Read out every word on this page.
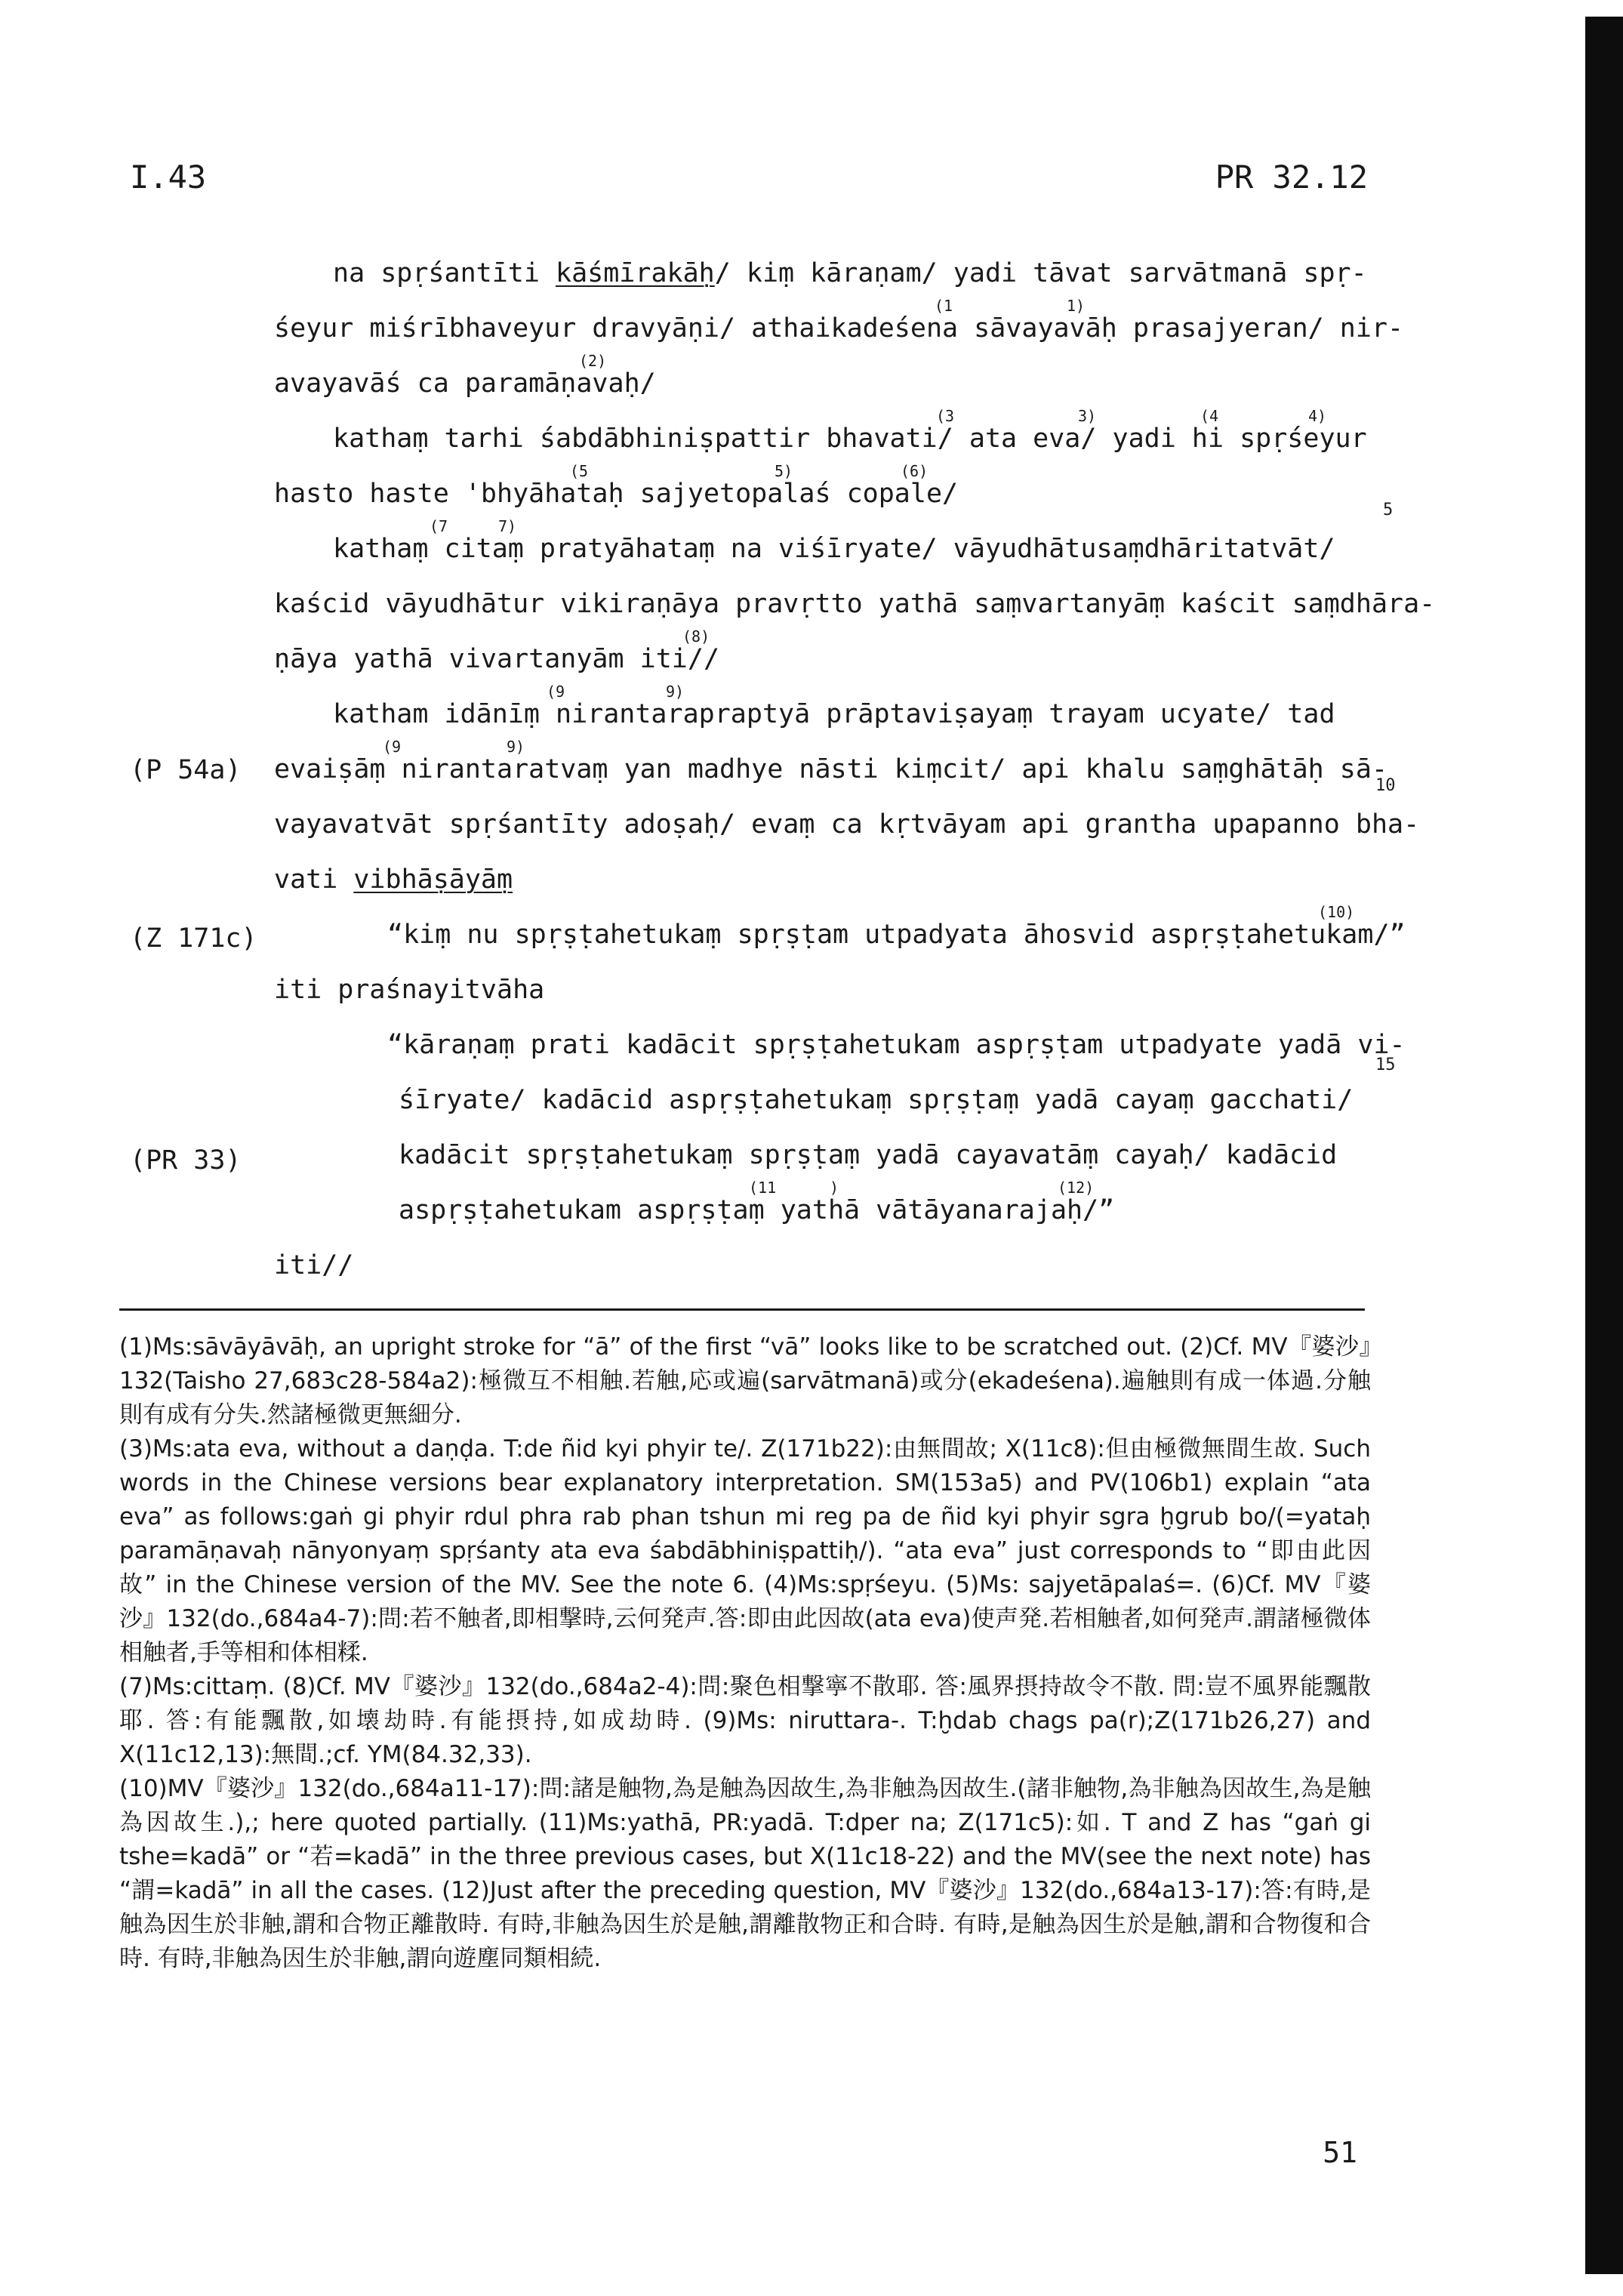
I.43	PR 32.12
(P 54a)
(Z 171c)
(PR 33)
5
10
15
na spṛśantīti kāśmīrakāḥ/ kiṃ kāraṇam/ yadi tāvat sarvātmanā spṛ-
(1	1)
śeyur miśrībhaveyur dravyāṇi/ athaikadeśena sāvayavāḥ prasajyeran/ nir-
(2)
avayavāś ca paramāṇavaḥ/
(3	3)	(4	4)
kathaṃ tarhi śabdābhiniṣpattir bhavati/ ata eva/ yadi hi spṛśeyur
(5	5)	(6)
hasto haste 'bhyāhataḥ sajyetopalaś copale/
(7	7)
kathaṃ citaṃ pratyāhataṃ na viśīryate/ vāyudhātusaṃdhāritatvāt/
kaścid vāyudhātur vikiraṇāya pravṛtto yathā saṃvartanyāṃ kaścit saṃdhāra-
(8)
ṇāya yathā vivartanyām iti//
(9	9)
katham idānīṃ nirantarapraptyā prāptaviṣayaṃ trayam ucyate/ tad
(9	9)
evaiṣāṃ nirantaratvaṃ yan madhye nāsti kiṃcit/ api khalu saṃghātāḥ sā-
vayavatvāt spṛśantīty adoṣaḥ/ evaṃ ca kṛtvāyam api grantha upapanno bha-
vati vibhāṣāyāṃ
(10)
“kiṃ nu spṛṣṭahetukaṃ spṛṣṭam utpadyata āhosvid aspṛṣṭahetukam/”
iti praśnayitvāha
“kāraṇaṃ prati kadācit spṛṣṭahetukam aspṛṣṭam utpadyate yadā vi-
śīryate/ kadācid aspṛṣṭahetukaṃ spṛṣṭaṃ yadā cayaṃ gacchati/
kadācit spṛṣṭahetukaṃ spṛṣṭaṃ yadā cayavatāṃ cayaḥ/ kadācid
(11	)	(12)
aspṛṣṭahetukam aspṛṣṭaṃ yathā vātāyanarajaḥ/”
iti//

(1)Ms:sāvāyāvāḥ, an upright stroke for “ā” of the first “vā” looks like to be scratched out. (2)Cf. MV『婆沙』132(Taisho 27,683c28-584a2):極微互不相触.若触,応或遍(sarvātmanā)或分(ekadeśena).遍触則有成一体過.分触則有成有分失.然諸極微更無細分.

(3)Ms:ata eva, without a daṇḍa. T:de ñid kyi phyir te/. Z(171b22):由無間故; X(11c8):但由極微無間生故. Such words in the Chinese versions bear explanatory interpretation. SM(153a5) and PV(106b1) explain “ata eva” as follows:gaṅ gi phyir rdul phra rab phan tshun mi reg pa de ñid kyi phyir sgra ḫgrub bo/(=yataḥ paramāṇavaḥ nānyonyaṃ spṛśanty ata eva śabdābhiniṣpattiḥ/). “ata eva” just corresponds to “即由此因故” in the Chinese version of the MV. See the note 6. (4)Ms:spṛśeyu. (5)Ms: sajyetāpalaś=. (6)Cf. MV『婆沙』132(do.,684a4-7):問:若不触者,即相撃時,云何発声.答:即由此因故(ata eva)使声発.若相触者,如何発声.謂諸極微体相触者,手等相和体相糅.

(7)Ms:cittaṃ. (8)Cf. MV『婆沙』132(do.,684a2-4):問:聚色相撃寧不散耶. 答:風界摂持故令不散. 問:豈不風界能飄散耶. 答:有能飄散,如壊劫時.有能摂持,如成劫時. (9)Ms: niruttara-. T:ḫdab chags pa(r);Z(171b26,27) and X(11c12,13):無間.;cf. YM(84.32,33).

(10)MV『婆沙』132(do.,684a11-17):問:諸是触物,為是触為因故生,為非触為因故生.(諸非触物,為非触為因故生,為是触為因故生.),; here quoted partially. (11)Ms:yathā, PR:yadā. T:dper na; Z(171c5):如. T and Z has “gaṅ gi tshe=kadā” or “若=kadā” in the three previous cases, but X(11c18-22) and the MV(see the next note) has “謂=kadā” in all the cases. (12)Just after the preceding question, MV『婆沙』132(do.,684a13-17):答:有時,是触為因生於非触,謂和合物正離散時. 有時,非触為因生於是触,謂離散物正和合時. 有時,是触為因生於是触,謂和合物復和合時. 有時,非触為因生於非触,謂向遊塵同類相続.

51
